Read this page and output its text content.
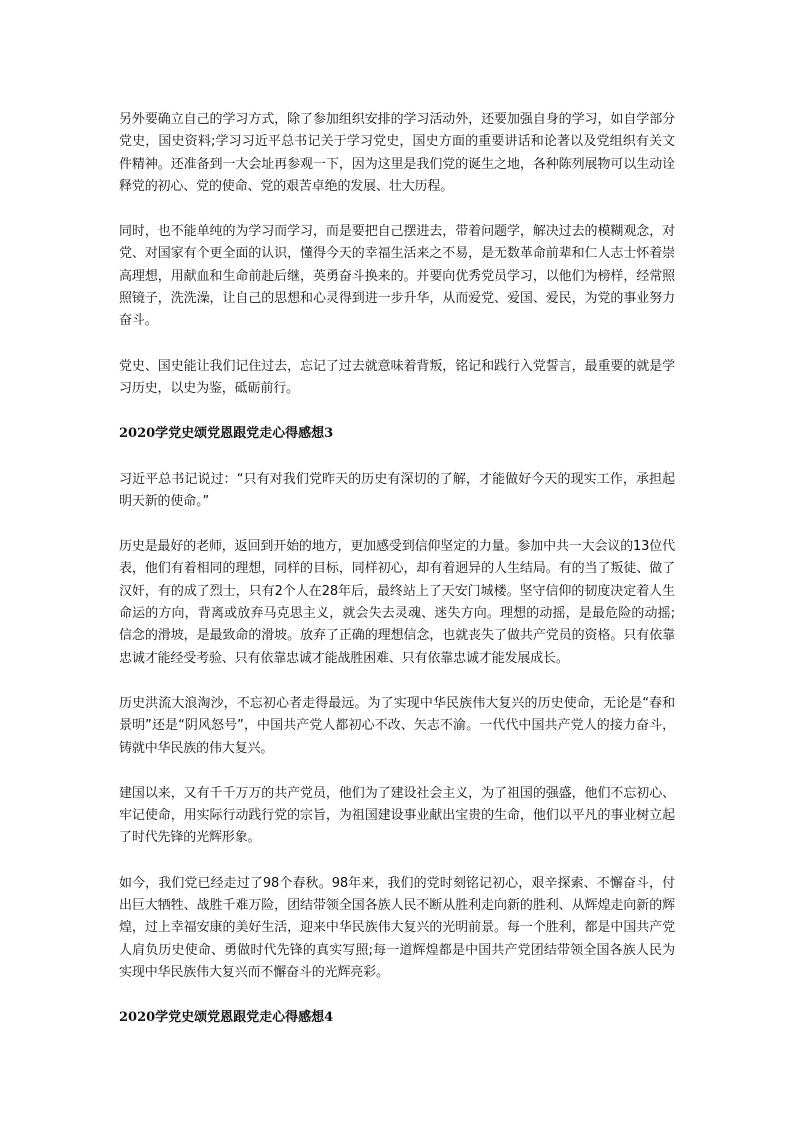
另外要确立自己的学习方式，除了参加组织安排的学习活动外，还要加强自身的学习，如自学部分党史，国史资料;学习习近平总书记关于学习党史，国史方面的重要讲话和论著以及党组织有关文件精神。还准备到一大会址再参观一下，因为这里是我们党的诞生之地，各种陈列展物可以生动诠释党的初心、党的使命、党的艰苦卓绝的发展、壮大历程。

同时，也不能单纯的为学习而学习，而是要把自己摆进去，带着问题学，解决过去的模糊观念，对党、对国家有个更全面的认识，懂得今天的幸福生活来之不易，是无数革命前辈和仁人志士怀着崇高理想，用献血和生命前赴后继，英勇奋斗换来的。并要向优秀党员学习，以他们为榜样，经常照照镜子，洗洗澡，让自己的思想和心灵得到进一步升华，从而爱党、爱国、爱民，为党的事业努力奋斗。

党史、国史能让我们记住过去，忘记了过去就意味着背叛，铭记和践行入党誓言，最重要的就是学习历史，以史为鉴，砥砺前行。

2020学党史颂党恩跟党走心得感想3

习近平总书记说过：“只有对我们党昨天的历史有深切的了解，才能做好今天的现实工作，承担起明天新的使命。”

历史是最好的老师，返回到开始的地方，更加感受到信仰坚定的力量。参加中共一大会议的13位代表，他们有着相同的理想，同样的目标，同样初心，却有着迥异的人生结局。有的当了叛徒、做了汉奸，有的成了烈士，只有2个人在28年后，最终站上了天安门城楼。坚守信仰的韧度决定着人生命运的方向，背离或放弃马克思主义，就会失去灵魂、迷失方向。理想的动摇，是最危险的动摇;信念的滑坡，是最致命的滑坡。放弃了正确的理想信念，也就丧失了做共产党员的资格。只有依靠忠诚才能经受考验、只有依靠忠诚才能战胜困难、只有依靠忠诚才能发展成长。

历史洪流大浪淘沙，不忘初心者走得最远。为了实现中华民族伟大复兴的历史使命，无论是“春和景明”还是“阴风怒号”，中国共产党人都初心不改、矢志不渝。一代代中国共产党人的接力奋斗，铸就中华民族的伟大复兴。

建国以来，又有千千万万的共产党员，他们为了建设社会主义，为了祖国的强盛，他们不忘初心、牢记使命，用实际行动践行党的宗旨，为祖国建设事业献出宝贵的生命，他们以平凡的事业树立起了时代先锋的光辉形象。

如今，我们党已经走过了98个春秋。98年来，我们的党时刻铭记初心，艰辛探索、不懈奋斗，付出巨大牺牲、战胜千难万险，团结带领全国各族人民不断从胜利走向新的胜利、从辉煌走向新的辉煌，过上幸福安康的美好生活，迎来中华民族伟大复兴的光明前景。每一个胜利，都是中国共产党人肩负历史使命、勇做时代先锋的真实写照;每一道辉煌都是中国共产党团结带领全国各族人民为实现中华民族伟大复兴而不懈奋斗的光辉亮彩。

2020学党史颂党恩跟党走心得感想4
